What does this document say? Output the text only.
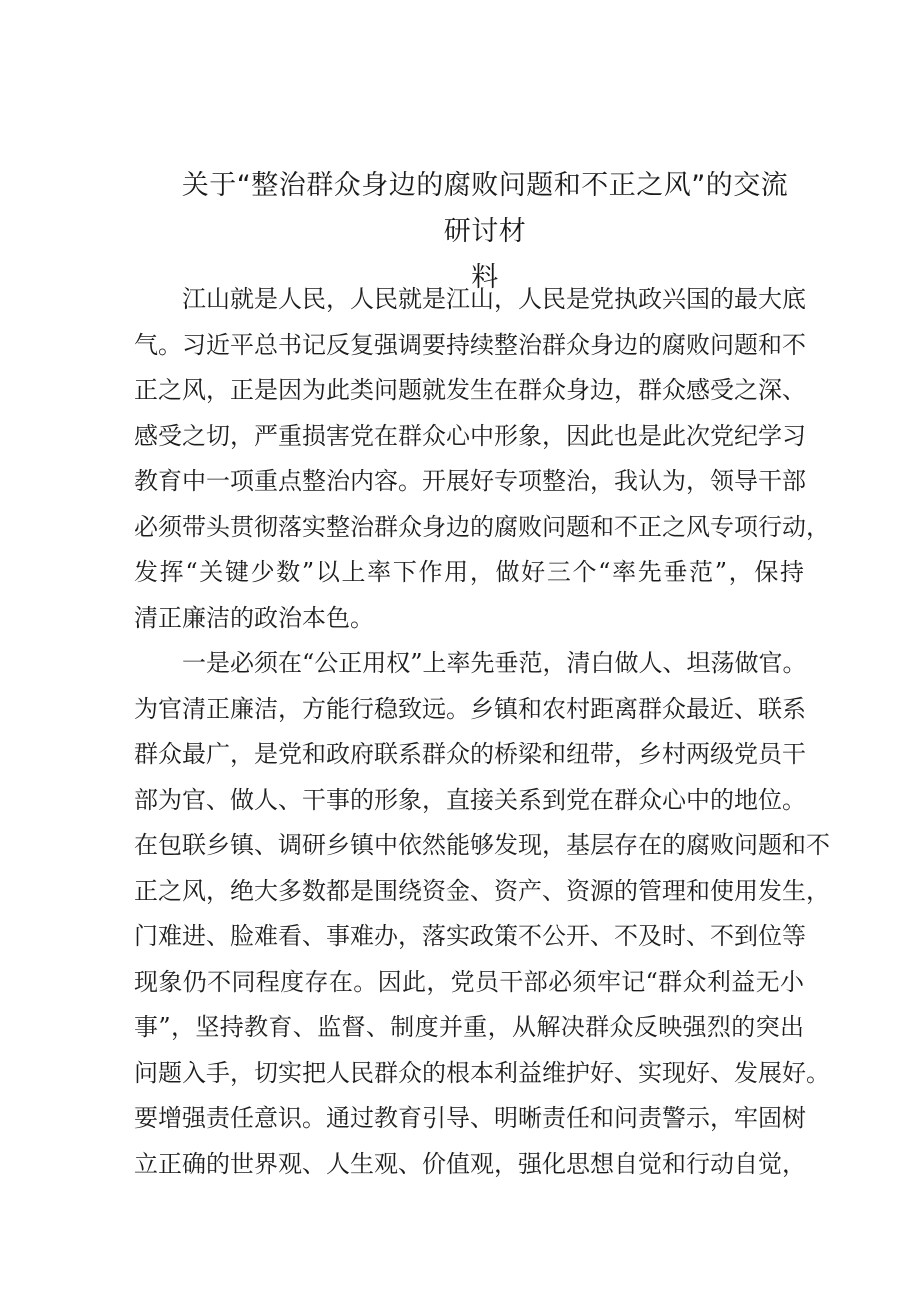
关于“整治群众身边的腐败问题和不正之风”的交流研讨材
料
江山就是人民，人民就是江山，人民是党执政兴国的最大底
气。习近平总书记反复强调要持续整治群众身边的腐败问题和不
正之风，正是因为此类问题就发生在群众身边，群众感受之深、
感受之切，严重损害党在群众心中形象，因此也是此次党纪学习
教育中一项重点整治内容。开展好专项整治，我认为，领导干部
必须带头贯彻落实整治群众身边的腐败问题和不正之风专项行动，
发挥“关键少数”以上率下作用，做好三个“率先垂范”，保持
清正廉洁的政治本色。
一是必须在“公正用权”上率先垂范，清白做人、坦荡做官。
为官清正廉洁，方能行稳致远。乡镇和农村距离群众最近、联系
群众最广，是党和政府联系群众的桥梁和纽带，乡村两级党员干
部为官、做人、干事的形象，直接关系到党在群众心中的地位。
在包联乡镇、调研乡镇中依然能够发现，基层存在的腐败问题和不
正之风，绝大多数都是围绕资金、资产、资源的管理和使用发生，
门难进、脸难看、事难办，落实政策不公开、不及时、不到位等
现象仍不同程度存在。因此，党员干部必须牢记“群众利益无小
事”，坚持教育、监督、制度并重，从解决群众反映强烈的突出
问题入手，切实把人民群众的根本利益维护好、实现好、发展好。
要增强责任意识。通过教育引导、明晰责任和问责警示，牢固树
立正确的世界观、人生观、价值观，强化思想自觉和行动自觉，
